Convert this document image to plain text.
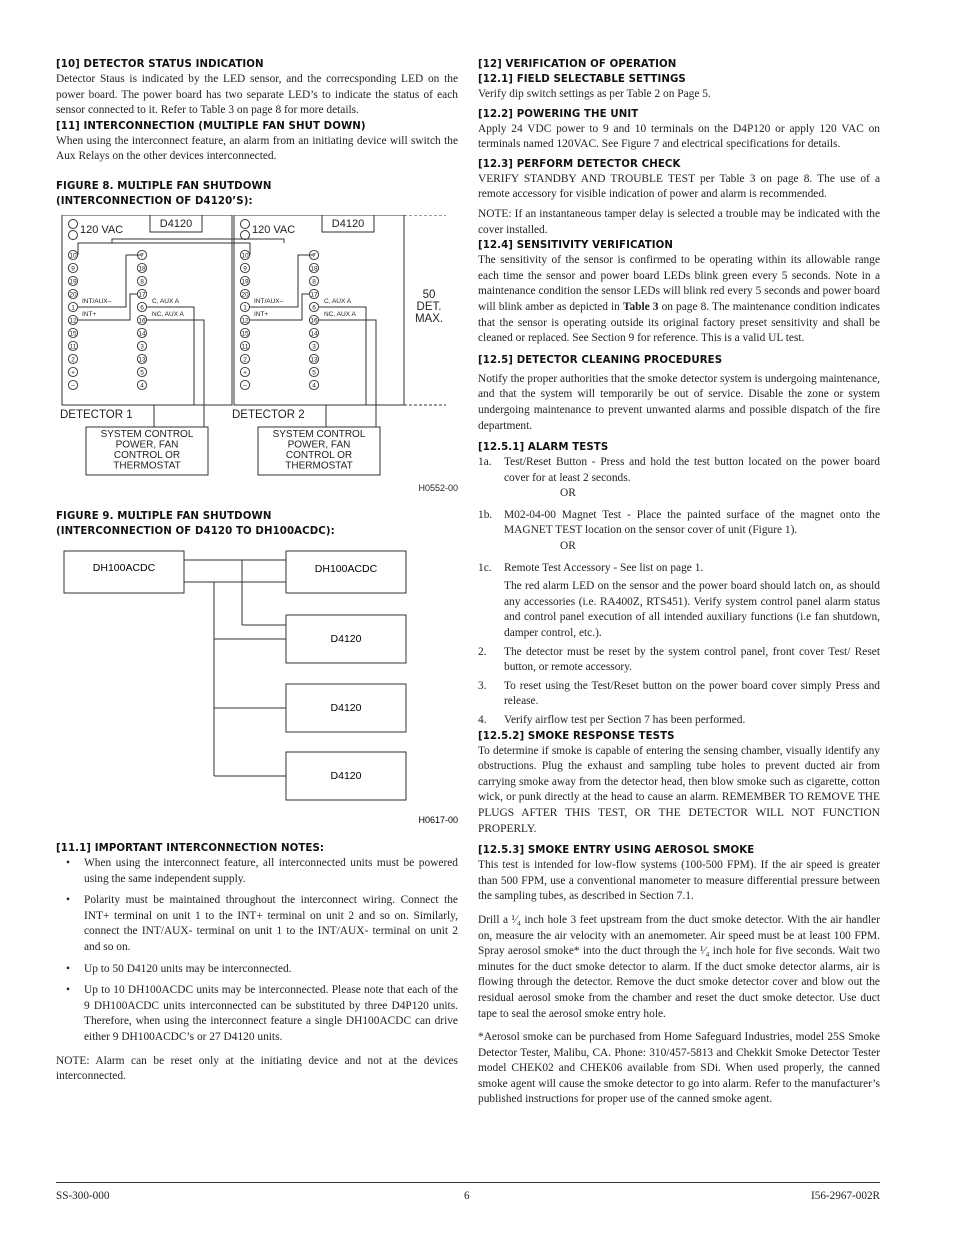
[10] DETECTOR STATUS INDICATION
Detector Staus is indicated by the LED sensor, and the correcsponding LED on the power board. The power board has two separate LED’s to indicate the status of each sensor connected to it. Refer to Table 3 on page 8 for more details.
[11] INTERCONNECTION (MULTIPLE FAN SHUT DOWN)
When using the interconnect feature, an alarm from an initiating device will switch the Aux Relays on the other devices interconnected.
FIGURE 8. MULTIPLE FAN SHUTDOWN
(INTERCONNECTION OF D4120’S):
120 VAC	D4120
10	7
9	18
19	8
20	17
1	6
12	16
15	14
11	3
2	13
+	5
–	4
INT/AUX–
INT+
C, AUX A
NC, AUX A
DETECTOR 1
SYSTEM CONTROL
POWER, FAN
CONTROL OR
THERMOSTAT
120 VAC	D4120
10	7
9	18
19	8
20	17
1	6
12	16
15	14
11	3
2	13
+	5
–	4
INT/AUX–
INT+
C, AUX A
NC, AUX A
DETECTOR 2
SYSTEM CONTROL
POWER, FAN
CONTROL OR
THERMOSTAT
50
DET.
MAX.
H0552-00
FIGURE 9. MULTIPLE FAN SHUTDOWN
(INTERCONNECTION OF D4120 TO DH100ACDC):
DH100ACDC	DH100ACDC
D4120
D4120
D4120
H0617-00
[11.1] IMPORTANT INTERCONNECTION NOTES:
• When using the interconnect feature, all interconnected units must be powered using the same independent supply.
• Polarity must be maintained throughout the interconnect wiring. Connect the INT+ terminal on unit 1 to the INT+ terminal on unit 2 and so on. Similarly, connect the INT/AUX- terminal on unit 1 to the INT/AUX- terminal on unit 2 and so on.
• Up to 50 D4120 units may be interconnected.
• Up to 10 DH100ACDC units may be interconnected. Please note that each of the 9 DH100ACDC units interconnected can be substituted by three D4P120 units. Therefore, when using the interconnect feature a single DH100ACDC can drive either 9 DH100ACDC’s or 27 D4120 units.
NOTE: Alarm can be reset only at the initiating device and not at the devices interconnected.
[12] VERIFICATION OF OPERATION
[12.1] FIELD SELECTABLE SETTINGS
Verify dip switch settings as per Table 2 on Page 5.
[12.2] POWERING THE UNIT
Apply 24 VDC power to 9 and 10 terminals on the D4P120 or apply 120 VAC on terminals named 120VAC. See Figure 7 and electrical specifications for details.
[12.3] PERFORM DETECTOR CHECK
VERIFY STANDBY AND TROUBLE TEST per Table 3 on page 8. The use of a remote accessory for visible indication of power and alarm is recommended.
NOTE: If an instantaneous tamper delay is selected a trouble may be indicated with the cover installed.
[12.4] SENSITIVITY VERIFICATION
The sensitivity of the sensor is confirmed to be operating within its allowable range each time the sensor and power board LEDs blink green every 5 seconds. Note in a maintenance condition the sensor LEDs will blink red every 5 seconds and power board will blink amber as depicted in Table 3 on page 8. The maintenance condition indicates that the sensor is operating outside its original factory preset sensitivity and shall be cleaned or replaced. See Section 9 for reference. This is a valid UL test.
[12.5] DETECTOR CLEANING PROCEDURES
Notify the proper authorities that the smoke detector system is undergoing maintenance, and that the system will temporarily be out of service. Disable the zone or system undergoing maintenance to prevent unwanted alarms and possible dispatch of the fire department.
[12.5.1] ALARM TESTS
1a. Test/Reset Button - Press and hold the test button located on the power board cover for at least 2 seconds.
OR
1b. M02-04-00 Magnet Test - Place the painted surface of the magnet onto the MAGNET TEST location on the sensor cover of unit (Figure 1).
OR
1c. Remote Test Accessory - See list on page 1.
The red alarm LED on the sensor and the power board should latch on, as should any accessories (i.e. RA400Z, RTS451). Verify system control panel alarm status and control panel execution of all intended auxiliary functions (i.e fan shutdown, damper control, etc.).
2. The detector must be reset by the system control panel, front cover Test/ Reset button, or remote accessory.
3. To reset using the Test/Reset button on the power board cover simply Press and release.
4. Verify airflow test per Section 7 has been performed.
[12.5.2] SMOKE RESPONSE TESTS
To determine if smoke is capable of entering the sensing chamber, visually identify any obstructions. Plug the exhaust and sampling tube holes to prevent ducted air from carrying smoke away from the detector head, then blow smoke such as cigarette, cotton wick, or punk directly at the head to cause an alarm. REMEMBER TO REMOVE THE PLUGS AFTER THIS TEST, OR THE DETECTOR WILL NOT FUNCTION PROPERLY.
[12.5.3] SMOKE ENTRY USING AEROSOL SMOKE
This test is intended for low-flow systems (100-500 FPM). If the air speed is greater than 500 FPM, use a conventional manometer to measure differential pressure between the sampling tubes, as described in Section 7.1.
Drill a ¹⁄₄ inch hole 3 feet upstream from the duct smoke detector. With the air handler on, measure the air velocity with an anemometer. Air speed must be at least 100 FPM. Spray aerosol smoke* into the duct through the ¹⁄₄ inch hole for five seconds. Wait two minutes for the duct smoke detector to alarm. If the duct smoke detector alarms, air is flowing through the detector. Remove the duct smoke detector cover and blow out the residual aerosol smoke from the chamber and reset the duct smoke detector. Use duct tape to seal the aerosol smoke entry hole.
*Aerosol smoke can be purchased from Home Safeguard Industries, model 25S Smoke Detector Tester, Malibu, CA. Phone: 310/457-5813 and Chekkit Smoke Detector Tester model CHEK02 and CHEK06 available from SDi. When used properly, the canned smoke agent will cause the smoke detector to go into alarm. Refer to the manufacturer’s published instructions for proper use of the canned smoke agent.
SS-300-000	6	I56-2967-002R
